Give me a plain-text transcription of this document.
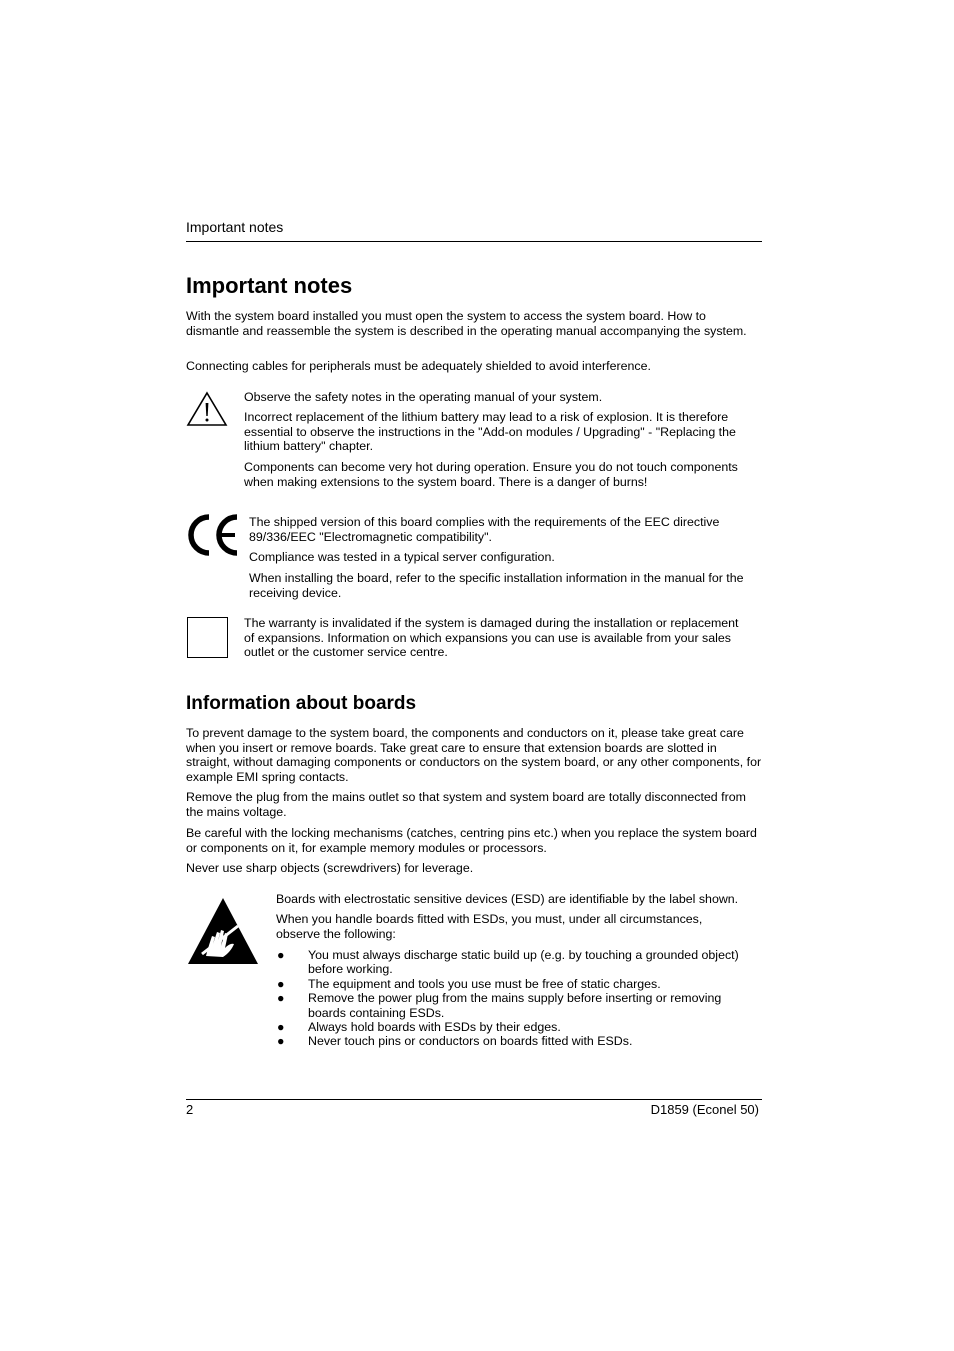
Important notes
Important notes
With the system board installed you must open the system to access the system board. How to dismantle and reassemble the system is described in the operating manual accompanying the system.
Connecting cables for peripherals must be adequately shielded to avoid interference.
Observe the safety notes in the operating manual of your system.
Incorrect replacement of the lithium battery may lead to a risk of explosion. It is therefore essential to observe the instructions in the "Add-on modules / Upgrading" - "Replacing the lithium battery" chapter.
Components can become very hot during operation. Ensure you do not touch components when making extensions to the system board. There is a danger of burns!
The shipped version of this board complies with the requirements of the EEC directive 89/336/EEC "Electromagnetic compatibility".
Compliance was tested in a typical server configuration.
When installing the board, refer to the specific installation information in the manual for the receiving device.
The warranty is invalidated if the system is damaged during the installation or replacement of expansions. Information on which expansions you can use is available from your sales outlet or the customer service centre.
Information about boards
To prevent damage to the system board, the components and conductors on it, please take great care when you insert or remove boards. Take great care to ensure that extension boards are slotted in straight, without damaging components or conductors on the system board, or any other components, for example EMI spring contacts.
Remove the plug from the mains outlet so that system and system board are totally disconnected from the mains voltage.
Be careful with the locking mechanisms (catches, centring pins etc.) when you replace the system board or components on it, for example memory modules or processors.
Never use sharp objects (screwdrivers) for leverage.
Boards with electrostatic sensitive devices (ESD) are identifiable by the label shown.
When you handle boards fitted with ESDs, you must, under all circumstances, observe the following:
● You must always discharge static build up (e.g. by touching a grounded object) before working.
● The equipment and tools you use must be free of static charges.
● Remove the power plug from the mains supply before inserting or removing boards containing ESDs.
● Always hold boards with ESDs by their edges.
● Never touch pins or conductors on boards fitted with ESDs.
2	D1859 (Econel 50)
